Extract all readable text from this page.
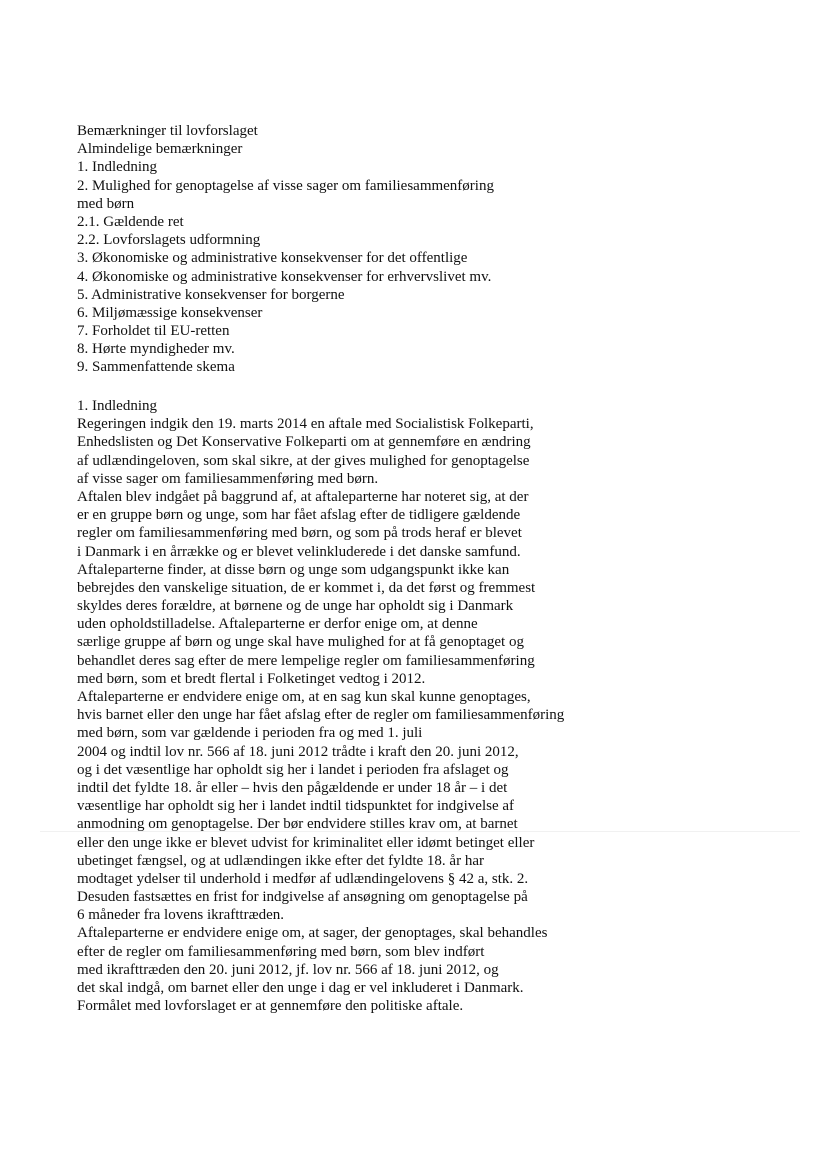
Bemærkninger til lovforslaget
Almindelige bemærkninger
1. Indledning
2. Mulighed for genoptagelse af visse sager om familiesammenføring
med børn
2.1. Gældende ret
2.2. Lovforslagets udformning
3. Økonomiske og administrative konsekvenser for det offentlige
4. Økonomiske og administrative konsekvenser for erhvervslivet mv.
5. Administrative konsekvenser for borgerne
6. Miljømæssige konsekvenser
7. Forholdet til EU-retten
8. Hørte myndigheder mv.
9. Sammenfattende skema
1. Indledning
Regeringen indgik den 19. marts 2014 en aftale med Socialistisk Folkeparti,
Enhedslisten og Det Konservative Folkeparti om at gennemføre en ændring
af udlændingeloven, som skal sikre, at der gives mulighed for genoptagelse
af visse sager om familiesammenføring med børn.
Aftalen blev indgået på baggrund af, at aftaleparterne har noteret sig, at der
er en gruppe børn og unge, som har fået afslag efter de tidligere gældende
regler om familiesammenføring med børn, og som på trods heraf er blevet
i Danmark i en årrække og er blevet velinkluderede i det danske samfund.
Aftaleparterne finder, at disse børn og unge som udgangspunkt ikke kan
bebrejdes den vanskelige situation, de er kommet i, da det først og fremmest
skyldes deres forældre, at børnene og de unge har opholdt sig i Danmark
uden opholdstilladelse. Aftaleparterne er derfor enige om, at denne
særlige gruppe af børn og unge skal have mulighed for at få genoptaget og
behandlet deres sag efter de mere lempelige regler om familiesammenføring
med børn, som et bredt flertal i Folketinget vedtog i 2012.
Aftaleparterne er endvidere enige om, at en sag kun skal kunne genoptages,
hvis barnet eller den unge har fået afslag efter de regler om familiesammenføring
med børn, som var gældende i perioden fra og med 1. juli
2004 og indtil lov nr. 566 af 18. juni 2012 trådte i kraft den 20. juni 2012,
og i det væsentlige har opholdt sig her i landet i perioden fra afslaget og
indtil det fyldte 18. år eller – hvis den pågældende er under 18 år – i det
væsentlige har opholdt sig her i landet indtil tidspunktet for indgivelse af
anmodning om genoptagelse. Der bør endvidere stilles krav om, at barnet
eller den unge ikke er blevet udvist for kriminalitet eller idømt betinget eller
ubetinget fængsel, og at udlændingen ikke efter det fyldte 18. år har
modtaget ydelser til underhold i medfør af udlændingelovens § 42 a, stk. 2.
Desuden fastsættes en frist for indgivelse af ansøgning om genoptagelse på
6 måneder fra lovens ikrafttræden.
Aftaleparterne er endvidere enige om, at sager, der genoptages, skal behandles
efter de regler om familiesammenføring med børn, som blev indført
med ikrafttræden den 20. juni 2012, jf. lov nr. 566 af 18. juni 2012, og
det skal indgå, om barnet eller den unge i dag er vel inkluderet i Danmark.
Formålet med lovforslaget er at gennemføre den politiske aftale.
